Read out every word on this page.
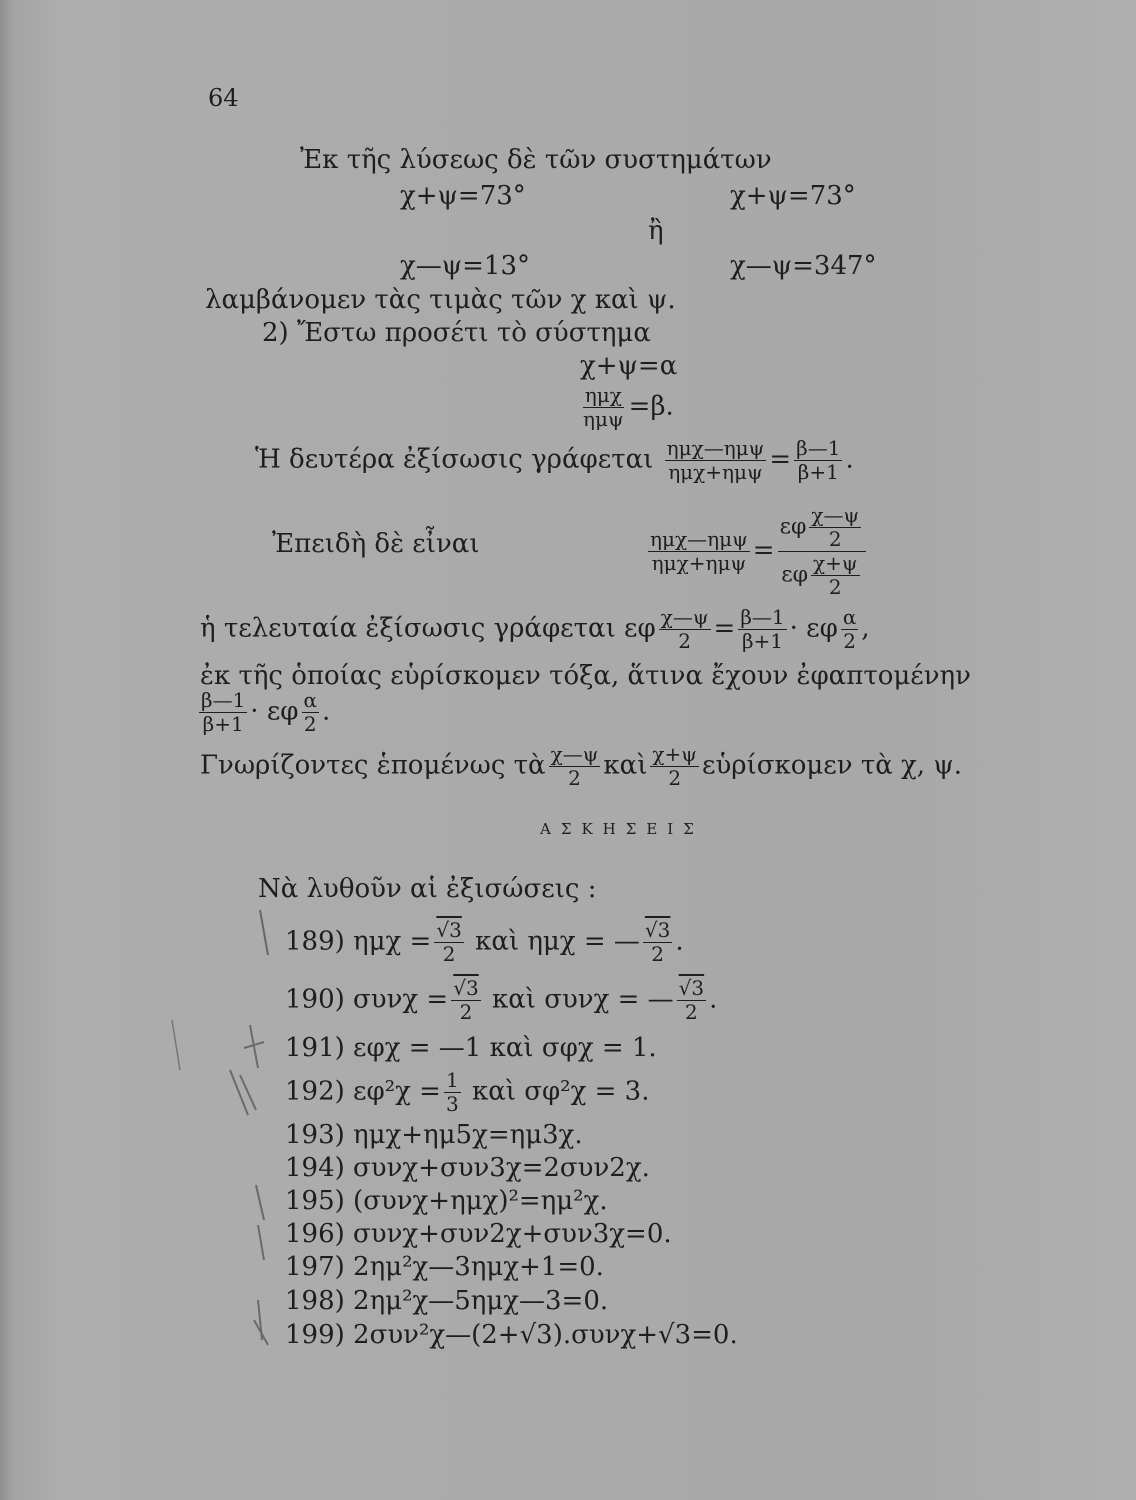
64
Ἐκ τῆς λύσεως δὲ τῶν συστημάτων
χ+ψ=73°	χ+ψ=73°
ἢ
χ—ψ=13°	χ—ψ=347°
λαμβάνομεν τὰς τιμὰς τῶν χ καὶ ψ.
2) Ἔστω προσέτι τὸ σύστημα
χ+ψ=α
$\frac{\text{ημχ}}{\text{ημψ}} =\beta$.
Ἡ δευτέρα ἐξίσωσις γράφεται $\frac{\text{ημχ—ημψ}}{\text{ημχ+ημψ}} = \frac{\beta—1}{\beta+1}$ .
Ἐπειδὴ δὲ εἶναι	$\frac{\text{ημχ—ημψ}}{\text{ημχ+ημψ}} = \frac{\varepsilon\varphi \frac{\chi—\psi}{2}}{\varepsilon\varphi \frac{\chi+\psi}{2}}$
ἡ τελευταία ἐξίσωσις γράφεται εφ $\frac{\chi—\psi}{2} = \frac{\beta—1}{\beta+1} \cdot \varepsilon\varphi \frac{\alpha}{2}$ ,
ἐκ τῆς ὁποίας εὑρίσκομεν τόξα, ἅτινα ἔχουν ἐφαπτομένην
$\frac{\beta—1}{\beta+1} \cdot \varepsilon\varphi \frac{\alpha}{2}$ .
Γνωρίζοντες ἑπομένως τὰ $\frac{\chi—\psi}{2}$ καὶ $\frac{\chi+\psi}{2}$ εὑρίσκομεν τὰ χ, ψ.
ΑΣΚΗΣΕΙΣ
Νὰ λυθοῦν αἱ ἐξισώσεις :
189) $\eta\mu\chi = \frac{√3}{2}$ καὶ ημχ = — $\frac{√3}{2}$ .
190) $\sigma\upsilon\nu\chi = \frac{√3}{2}$ καὶ συνχ = — $\frac{√3}{2}$ .
191) εφχ = —1 καὶ σφχ = 1.
192) $\varepsilon\varphi^2\chi = \frac{1}{3}$ καὶ σφ²χ = 3.
193) ημχ+ημ5χ=ημ3χ.
194) συνχ+συν3χ=2συν2χ.
195) (συνχ+ημχ)²=ημ²χ.
196) συνχ+συν2χ+συν3χ=0.
197) 2ημ²χ—3ημχ+1=0.
198) 2ημ²χ—5ημχ—3=0.
199) 2συν²χ—(2+√3).συνχ+√3=0.
